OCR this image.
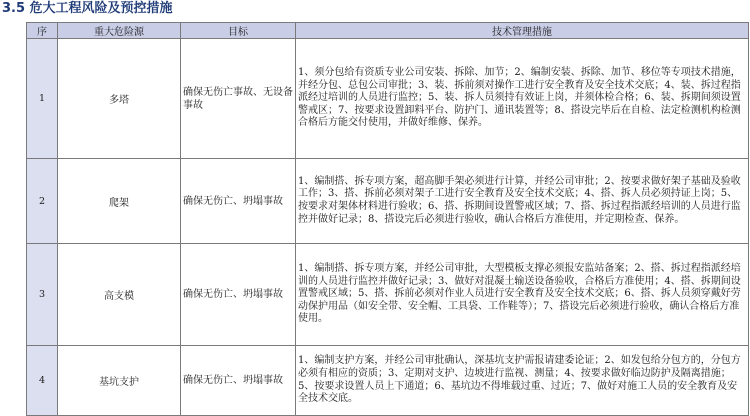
3.5 危大工程风险及预控措施
序	重大危险源	目标	技术管理措施
1	多塔	确保无伤亡事故、无设备事故	1、须分包给有资质专业公司安装、拆除、加节；2、编制安装、拆除、加节、移位等专项技术措施，并经分包、总包公司审批；3、装、拆前须对操作工进行安全教育及安全技术交底；4、装、拆过程指派经过培训的人员进行监控；5、装、拆人员须持有效证上岗，并须体检合格；6、装、拆期间须设置警戒区；7、按要求设置卸料平台、防护门、通讯装置等；8、搭设完毕后在自检、法定检测机构检测合格后方能交付使用，并做好维修、保养。
2	爬架	确保无伤亡、坍塌事故	1、编制搭、拆专项方案，超高脚手架必须进行计算，并经公司审批；2、按要求做好架子基础及验收工作；3、搭、拆前必须对架子工进行安全教育及安全技术交底；4、搭、拆人员必须持证上岗；5、按要求对架体材料进行验收；6、搭、拆期间设置警戒区域；7、搭、拆过程指派经培训的人员进行监控并做好记录；8、搭设完后必须进行验收，确认合格后方准使用，并定期检查、保养。
3	高支模	确保无伤亡、坍塌事故	1、编制搭、拆专项方案，并经公司审批，大型模板支撑必须报安监站备案；2、搭、拆过程指派经培训的人员进行监控并做好记录；3、做好对混凝土输送设备验收，合格后方准使用；4、搭、拆期间设置警戒区域；5、搭、拆前必须对作业人员进行安全教育及安全技术交底；6、搭、拆人员须穿戴好劳动保护用品（如安全带、安全帽、工具袋、工作鞋等）；7、搭设完后必须进行验收，确认合格后方准使用。
4	基坑支护	确保无伤亡、坍塌事故	1、编制支护方案，并经公司审批确认，深基坑支护需报请建委论证；2、如发包给分包方的，分包方必须有相应的资质；3、定期对支护、边坡进行监视、测量；4、按要求做好临边防护及隔离措施；5、按要求设置人员上下通道；6、基坑边不得堆载过重、过近；7、做好对施工人员的安全教育及安全技术交底。
